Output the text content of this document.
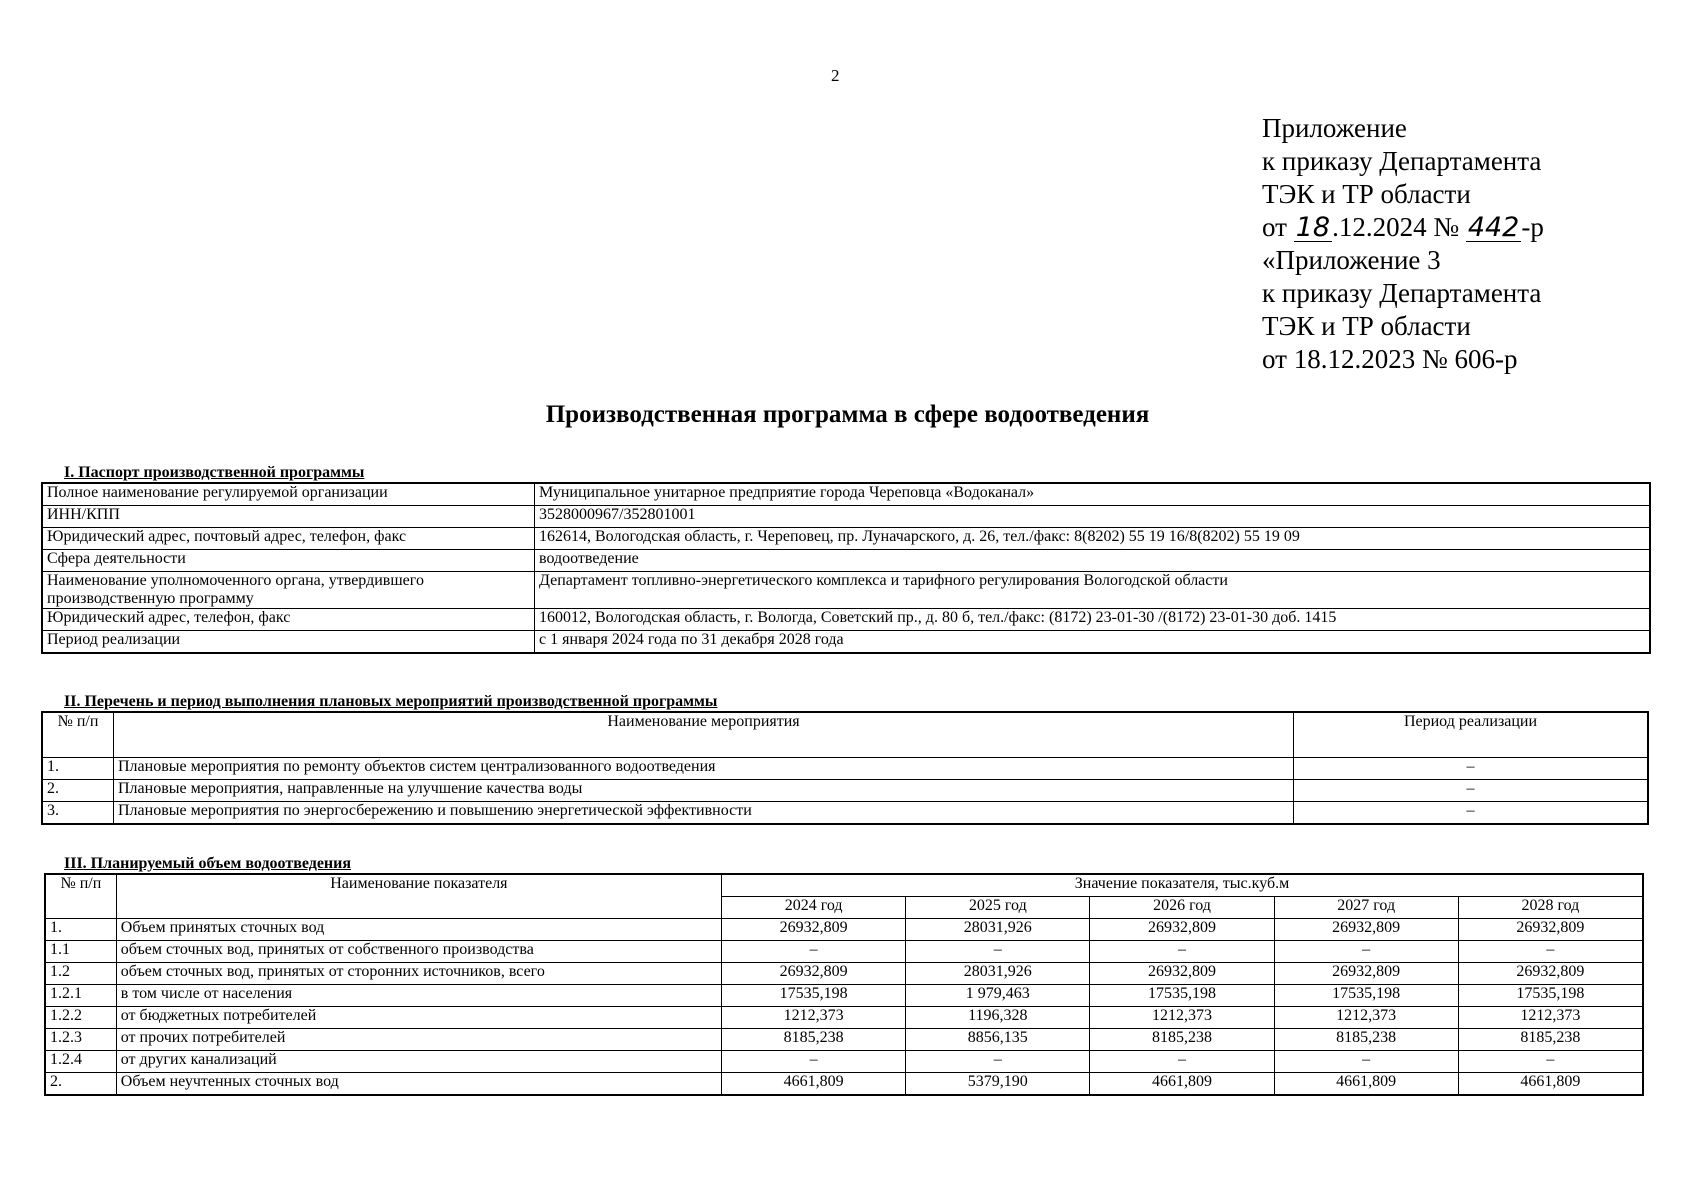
2
Приложение
к приказу Департамента
ТЭК и ТР области
от 18.12.2024 № 442-р
«Приложение 3
к приказу Департамента
ТЭК и ТР области
от 18.12.2023 № 606-р
Производственная программа в сфере водоотведения
I. Паспорт производственной программы
Полное наименование регулируемой организации	Муниципальное унитарное предприятие города Череповца «Водоканал»
ИНН/КПП	3528000967/352801001
Юридический адрес, почтовый адрес, телефон, факс	162614, Вологодская область, г. Череповец, пр. Луначарского, д. 26, тел./факс: 8(8202) 55 19 16/8(8202) 55 19 09
Сфера деятельности	водоотведение
Наименование уполномоченного органа, утвердившего производственную программу	Департамент топливно-энергетического комплекса и тарифного регулирования Вологодской области
Юридический адрес, телефон, факс	160012, Вологодская область, г. Вологда, Советский пр., д. 80 б, тел./факс: (8172) 23-01-30 /(8172) 23-01-30 доб. 1415
Период реализации	с 1 января 2024 года по 31 декабря 2028 года
II. Перечень и период выполнения плановых мероприятий производственной программы
№ п/п	Наименование мероприятия	Период реализации
1.	Плановые мероприятия по ремонту объектов систем централизованного водоотведения	–
2.	Плановые мероприятия, направленные на улучшение качества воды	–
3.	Плановые мероприятия по энергосбережению и повышению энергетической эффективности	–
III. Планируемый объем водоотведения
№ п/п	Наименование показателя	Значение показателя, тыс.куб.м				
		2024 год	2025 год	2026 год	2027 год	2028 год
1.	Объем принятых сточных вод	26932,809	28031,926	26932,809	26932,809	26932,809
1.1	объем сточных вод, принятых от собственного производства	–	–	–	–	–
1.2	объем сточных вод, принятых от сторонних источников, всего	26932,809	28031,926	26932,809	26932,809	26932,809
1.2.1	в том числе от населения	17535,198	1 979,463	17535,198	17535,198	17535,198
1.2.2	от бюджетных потребителей	1212,373	1196,328	1212,373	1212,373	1212,373
1.2.3	от прочих потребителей	8185,238	8856,135	8185,238	8185,238	8185,238
1.2.4	от других канализаций	–	–	–	–	–
2.	Объем неучтенных сточных вод	4661,809	5379,190	4661,809	4661,809	4661,809
